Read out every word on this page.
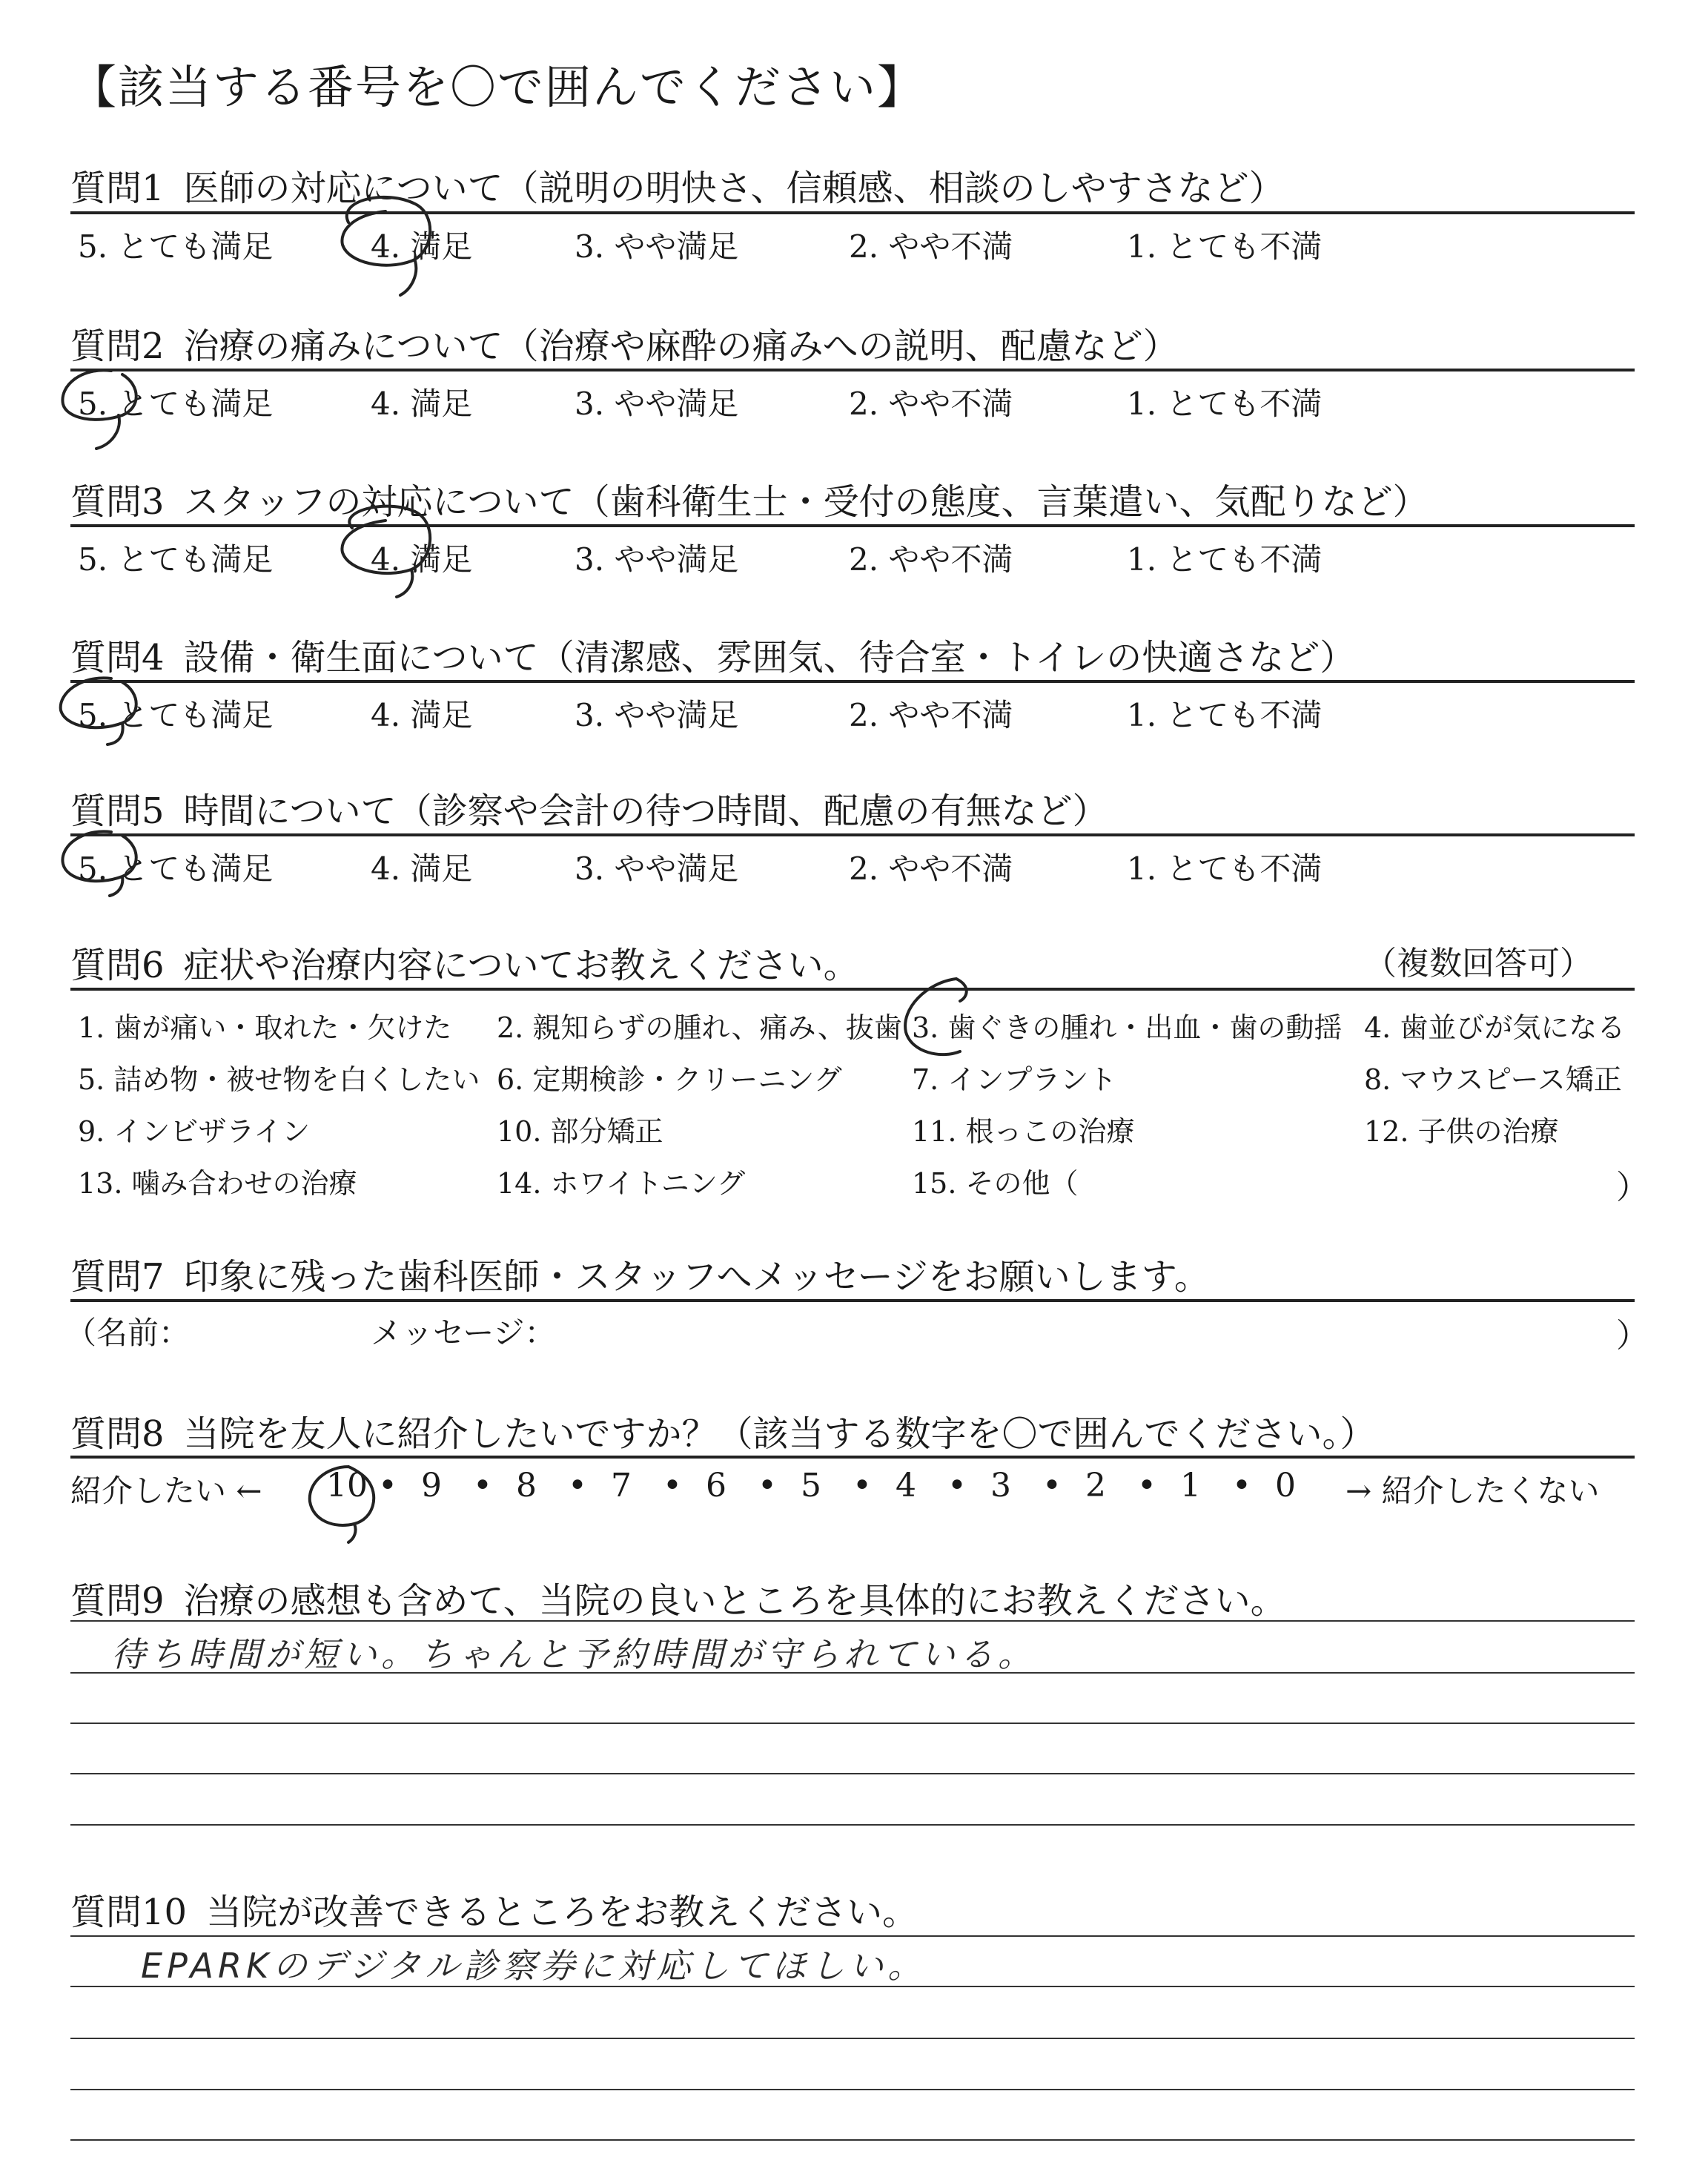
【該当する番号を〇で囲んでください】
質問1 医師の対応について（説明の明快さ、信頼感、相談のしやすさなど）
5. とても満足	4. 満足	3. やや満足	2. やや不満	1. とても不満
質問2 治療の痛みについて（治療や麻酔の痛みへの説明、配慮など）
5. とても満足	4. 満足	3. やや満足	2. やや不満	1. とても不満
質問3 スタッフの対応について（歯科衛生士・受付の態度、言葉遣い、気配りなど）
5. とても満足	4. 満足	3. やや満足	2. やや不満	1. とても不満
質問4 設備・衛生面について（清潔感、雰囲気、待合室・トイレの快適さなど）
5. とても満足	4. 満足	3. やや満足	2. やや不満	1. とても不満
質問5 時間について（診察や会計の待つ時間、配慮の有無など）
5. とても満足	4. 満足	3. やや満足	2. やや不満	1. とても不満
質問6 症状や治療内容についてお教えください。	（複数回答可）
1. 歯が痛い・取れた・欠けた 2. 親知らずの腫れ、痛み、抜歯 3. 歯ぐきの腫れ・出血・歯の動揺 4. 歯並びが気になる
5. 詰め物・被せ物を白くしたい 6. 定期検診・クリーニング 7. インプラント	8. マウスピース矯正
9. インビザライン	10. 部分矯正	11. 根っこの治療	12. 子供の治療
13. 噛み合わせの治療	14. ホワイトニング	15. その他（	）
質問7 印象に残った歯科医師・スタッフへメッセージをお願いします。
（名前：	メッセージ：	）
質問8 当院を友人に紹介したいですか？（該当する数字を〇で囲んでください。）
紹介したい ← 10 • 9 • 8 • 7 • 6 • 5 • 4 • 3 • 2 • 1 • 0 → 紹介したくない
質問9 治療の感想も含めて、当院の良いところを具体的にお教えください。
待ち時間が短い。ちゃんと予約時間が守られている。
質問10 当院が改善できるところをお教えください。
EPARKのデジタル診察券に対応してほしい。
